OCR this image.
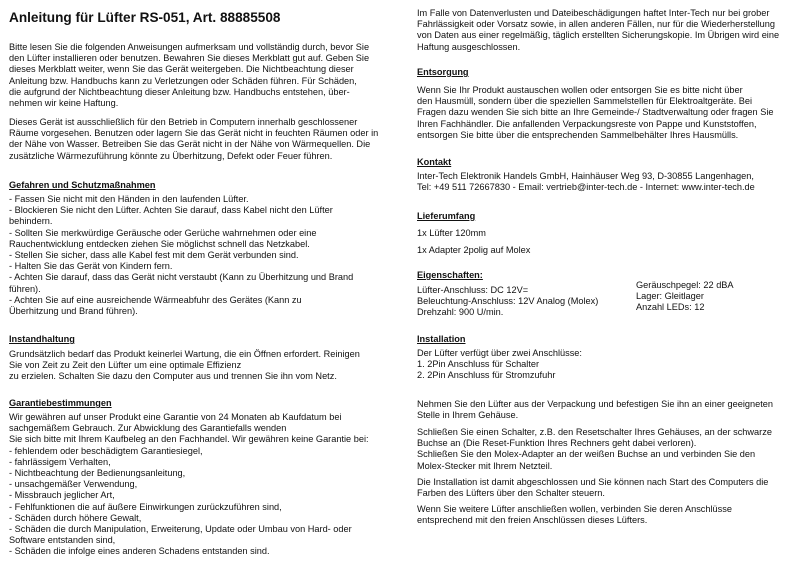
Anleitung für Lüfter RS-051, Art. 88885508
Bitte lesen Sie die folgenden Anweisungen aufmerksam und vollständig durch, bevor Sie
den Lüfter installieren oder benutzen. Bewahren Sie dieses Merkblatt gut auf. Geben Sie
dieses Merkblatt weiter, wenn Sie das Gerät weitergeben. Die Nichtbeachtung dieser
Anleitung bzw. Handbuchs kann zu Verletzungen oder Schäden führen. Für Schäden,
die aufgrund der Nichtbeachtung dieser Anleitung bzw. Handbuchs entstehen, über-
nehmen wir keine Haftung.
Dieses Gerät ist ausschließlich für den Betrieb in Computern innerhalb geschlossener
Räume vorgesehen. Benutzen oder lagern Sie das Gerät nicht in feuchten Räumen oder in
der Nähe von Wasser. Betreiben Sie das Gerät nicht in der Nähe von Wärmequellen. Die
zusätzliche Wärmezuführung könnte zu Überhitzung, Defekt oder Feuer führen.
Gefahren und Schutzmaßnahmen
- Fassen Sie nicht mit den Händen in den laufenden Lüfter.
- Blockieren Sie nicht den Lüfter. Achten Sie darauf, dass Kabel nicht den Lüfter
behindern.
- Sollten Sie merkwürdige Geräusche oder Gerüche wahrnehmen oder eine
Rauchentwicklung entdecken ziehen Sie möglichst schnell das Netzkabel.
- Stellen Sie sicher, dass alle Kabel fest mit dem Gerät verbunden sind.
- Halten Sie das Gerät von Kindern fern.
- Achten Sie darauf, dass das Gerät nicht verstaubt (Kann zu Überhitzung und Brand
führen).
- Achten Sie auf eine ausreichende Wärmeabfuhr des Gerätes (Kann zu
Überhitzung und Brand führen).
Instandhaltung
Grundsätzlich bedarf das Produkt keinerlei Wartung, die ein Öffnen erfordert. Reinigen
Sie von Zeit zu Zeit den Lüfter um eine optimale Effizienz
zu erzielen. Schalten Sie dazu den Computer aus und trennen Sie ihn vom Netz.
Garantiebestimmungen
Wir gewähren auf unser Produkt eine Garantie von 24 Monaten ab Kaufdatum bei
sachgemäßem Gebrauch. Zur Abwicklung des Garantiefalls wenden
Sie sich bitte mit Ihrem Kaufbeleg an den Fachhandel. Wir gewähren keine Garantie bei:
- fehlendem oder beschädigtem Garantiesiegel,
- fahrlässigem Verhalten,
- Nichtbeachtung der Bedienungsanleitung,
- unsachgemäßer Verwendung,
- Missbrauch jeglicher Art,
- Fehlfunktionen die auf äußere Einwirkungen zurückzuführen sind,
- Schäden durch höhere Gewalt,
- Schäden die durch Manipulation, Erweiterung, Update oder Umbau von Hard- oder
Software entstanden sind,
- Schäden die infolge eines anderen Schadens entstanden sind.
Im Falle von Datenverlusten und Dateibeschädigungen haftet Inter-Tech nur bei grober
Fahrlässigkeit oder Vorsatz sowie, in allen anderen Fällen, nur für die Wiederherstellung
von Daten aus einer regelmäßig, täglich erstellten Sicherungskopie. Im Übrigen wird eine
Haftung ausgeschlossen.
Entsorgung
Wenn Sie Ihr Produkt austauschen wollen oder entsorgen Sie es bitte nicht über
den Hausmüll, sondern über die speziellen Sammelstellen für Elektroaltgeräte. Bei
Fragen dazu wenden Sie sich bitte an Ihre Gemeinde-/ Stadtverwaltung oder fragen Sie
Ihren Fachhändler. Die anfallenden Verpackungsreste von Pappe und Kunststoffen,
entsorgen Sie bitte über die entsprechenden Sammelbehälter Ihres Hausmülls.
Kontakt
Inter-Tech Elektronik Handels GmbH, Hainhäuser Weg 93, D-30855 Langenhagen,
Tel: +49 511 72667830 - Email: vertrieb@inter-tech.de - Internet: www.inter-tech.de
Lieferumfang
1x Lüfter 120mm
1x Adapter 2polig auf Molex
Eigenschaften:
Lüfter-Anschluss: DC 12V=
Beleuchtung-Anschluss: 12V Analog (Molex)
Drehzahl: 900 U/min.
Geräuschpegel: 22 dBA
Lager: Gleitlager
Anzahl LEDs: 12
Installation
Der Lüfter verfügt über zwei Anschlüsse:
1. 2Pin Anschluss für Schalter
2. 2Pin Anschluss für Stromzufuhr
Nehmen Sie den Lüfter aus der Verpackung und befestigen Sie ihn an einer geeigneten
Stelle in Ihrem Gehäuse.
Schließen Sie einen Schalter, z.B. den Resetschalter Ihres Gehäuses, an der schwarze
Buchse an (Die Reset-Funktion Ihres Rechners geht dabei verloren).
Schließen Sie den Molex-Adapter an der weißen Buchse an und verbinden Sie den
Molex-Stecker mit Ihrem Netzteil.
Die Installation ist damit abgeschlossen und Sie können nach Start des Computers die
Farben des Lüfters über den Schalter steuern.
Wenn Sie weitere Lüfter anschließen wollen, verbinden Sie deren Anschlüsse
entsprechend mit den freien Anschlüssen dieses Lüfters.
